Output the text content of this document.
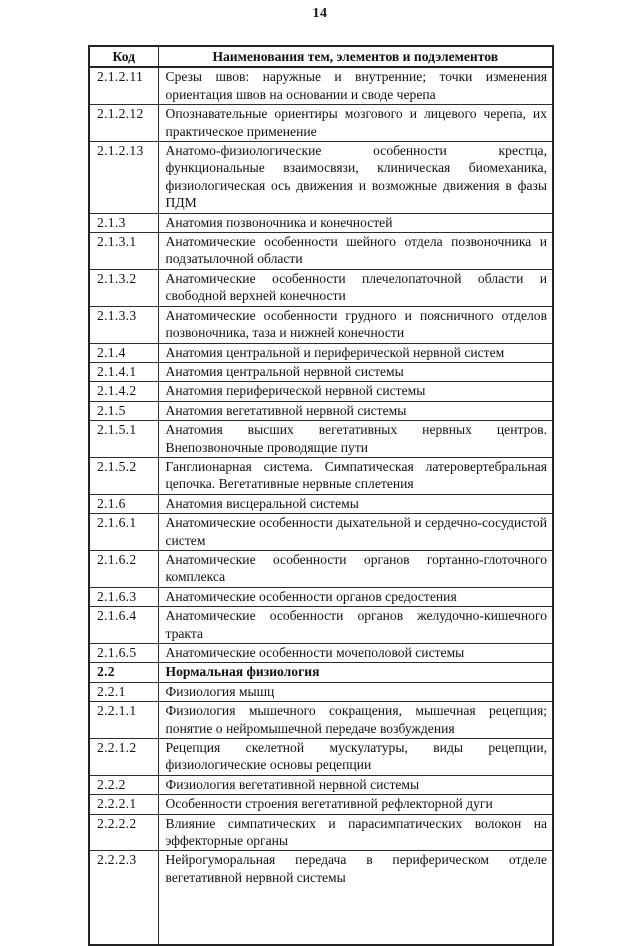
14
Код	Наименования тем, элементов и подэлементов
2.1.2.11	Срезы швов: наружные и внутренние; точки изменения ориентация швов на основании и своде черепа
2.1.2.12	Опознавательные ориентиры мозгового и лицевого черепа, их практическое применение
2.1.2.13	Анатомо-физиологические особенности крестца, функциональные взаимосвязи, клиническая биомеханика, физиологическая ось движения и возможные движения в фазы ПДМ
2.1.3	Анатомия позвоночника и конечностей
2.1.3.1	Анатомические особенности шейного отдела позвоночника и подзатылочной области
2.1.3.2	Анатомические особенности плечелопаточной области и свободной верхней конечности
2.1.3.3	Анатомические особенности грудного и поясничного отделов позвоночника, таза и нижней конечности
2.1.4	Анатомия центральной и периферической нервной систем
2.1.4.1	Анатомия центральной нервной системы
2.1.4.2	Анатомия периферической нервной системы
2.1.5	Анатомия вегетативной нервной системы
2.1.5.1	Анатомия высших вегетативных нервных центров. Внепозвоночные проводящие пути
2.1.5.2	Ганглионарная система. Симпатическая латеровертебральная цепочка. Вегетативные нервные сплетения
2.1.6	Анатомия висцеральной системы
2.1.6.1	Анатомические особенности дыхательной и сердечно-сосудистой систем
2.1.6.2	Анатомические особенности органов гортанно-глоточного комплекса
2.1.6.3	Анатомические особенности органов средостения
2.1.6.4	Анатомические особенности органов желудочно-кишечного тракта
2.1.6.5	Анатомические особенности мочеполовой системы
2.2	Нормальная физиология
2.2.1	Физиология мышц
2.2.1.1	Физиология мышечного сокращения, мышечная рецепция; понятие о нейромышечной передаче возбуждения
2.2.1.2	Рецепция скелетной мускулатуры, виды рецепции, физиологические основы рецепции
2.2.2	Физиология вегетативной нервной системы
2.2.2.1	Особенности строения вегетативной рефлекторной дуги
2.2.2.2	Влияние симпатических и парасимпатических волокон на эффекторные органы
2.2.2.3	Нейрогуморальная передача в периферическом отделе вегетативной нервной системы
